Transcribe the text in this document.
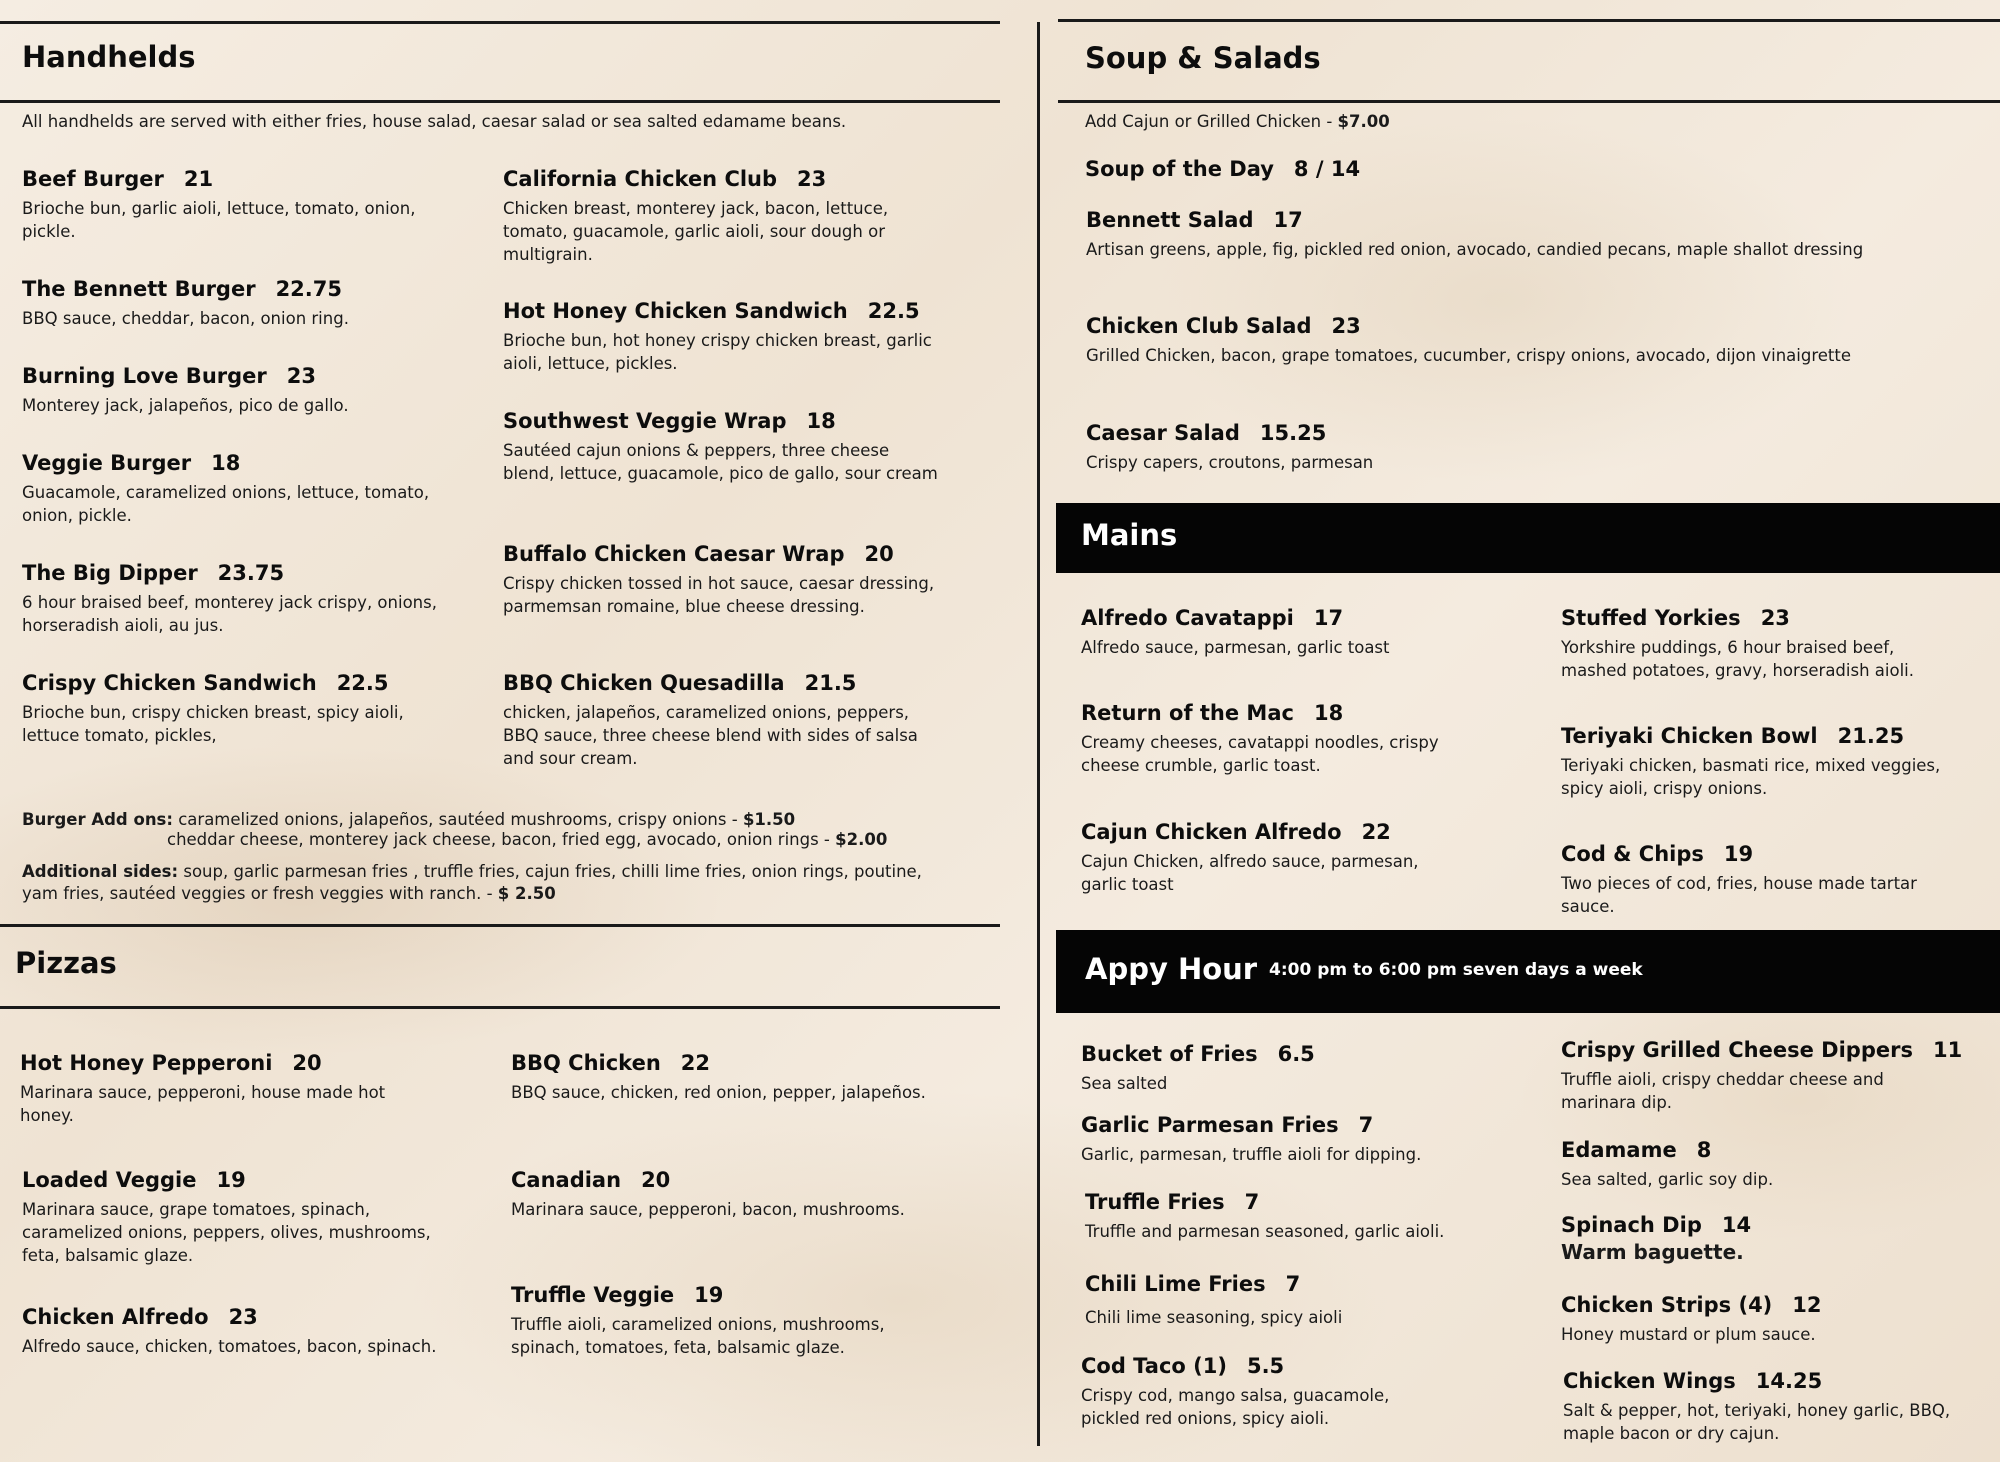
Handhelds
All handhelds are served with either fries, house salad, caesar salad or sea salted edamame beans.
Beef Burger 21
Brioche bun, garlic aioli, lettuce, tomato, onion, pickle.
The Bennett Burger 22.75
BBQ sauce, cheddar, bacon, onion ring.
Burning Love Burger 23
Monterey jack, jalapeños, pico de gallo.
Veggie Burger 18
Guacamole, caramelized onions, lettuce, tomato, onion, pickle.
The Big Dipper 23.75
6 hour braised beef, monterey jack crispy, onions, horseradish aioli, au jus.
Crispy Chicken Sandwich 22.5
Brioche bun, crispy chicken breast, spicy aioli, lettuce tomato, pickles,
California Chicken Club 23
Chicken breast, monterey jack, bacon, lettuce, tomato, guacamole, garlic aioli, sour dough or multigrain.
Hot Honey Chicken Sandwich 22.5
Brioche bun, hot honey crispy chicken breast, garlic aioli, lettuce, pickles.
Southwest Veggie Wrap 18
Sautéed cajun onions & peppers, three cheese blend, lettuce, guacamole, pico de gallo, sour cream
Buffalo Chicken Caesar Wrap 20
Crispy chicken tossed in hot sauce, caesar dressing, parmemsan romaine, blue cheese dressing.
BBQ Chicken Quesadilla 21.5
chicken, jalapeños, caramelized onions, peppers, BBQ sauce, three cheese blend with sides of salsa and sour cream.
Burger Add ons: caramelized onions, jalapeños, sautéed mushrooms, crispy onions - $1.50
cheddar cheese, monterey jack cheese, bacon, fried egg, avocado, onion rings - $2.00
Additional sides: soup, garlic parmesan fries , truffle fries, cajun fries, chilli lime fries, onion rings, poutine,
yam fries, sautéed veggies or fresh veggies with ranch. - $ 2.50
Pizzas
Hot Honey Pepperoni 20
Marinara sauce, pepperoni, house made hot honey.
Loaded Veggie 19
Marinara sauce, grape tomatoes, spinach, caramelized onions, peppers, olives, mushrooms, feta, balsamic glaze.
Chicken Alfredo 23
Alfredo sauce, chicken, tomatoes, bacon, spinach.
BBQ Chicken 22
BBQ sauce, chicken, red onion, pepper, jalapeños.
Canadian 20
Marinara sauce, pepperoni, bacon, mushrooms.
Truffle Veggie 19
Truffle aioli, caramelized onions, mushrooms, spinach, tomatoes, feta, balsamic glaze.
Soup & Salads
Add Cajun or Grilled Chicken - $7.00
Soup of the Day 8 / 14
Bennett Salad 17
Artisan greens, apple, fig, pickled red onion, avocado, candied pecans, maple shallot dressing
Chicken Club Salad 23
Grilled Chicken, bacon, grape tomatoes, cucumber, crispy onions, avocado, dijon vinaigrette
Caesar Salad 15.25
Crispy capers, croutons, parmesan
Mains
Alfredo Cavatappi 17
Alfredo sauce, parmesan, garlic toast
Return of the Mac 18
Creamy cheeses, cavatappi noodles, crispy cheese crumble, garlic toast.
Cajun Chicken Alfredo 22
Cajun Chicken, alfredo sauce, parmesan, garlic toast
Stuffed Yorkies 23
Yorkshire puddings, 6 hour braised beef, mashed potatoes, gravy, horseradish aioli.
Teriyaki Chicken Bowl 21.25
Teriyaki chicken, basmati rice, mixed veggies, spicy aioli, crispy onions.
Cod & Chips 19
Two pieces of cod, fries, house made tartar sauce.
Appy Hour 4:00 pm to 6:00 pm seven days a week
Bucket of Fries 6.5
Sea salted
Garlic Parmesan Fries 7
Garlic, parmesan, truffle aioli for dipping.
Truffle Fries 7
Truffle and parmesan seasoned, garlic aioli.
Chili Lime Fries 7
Chili lime seasoning, spicy aioli
Cod Taco (1) 5.5
Crispy cod, mango salsa, guacamole, pickled red onions, spicy aioli.
Crispy Grilled Cheese Dippers 11
Truffle aioli, crispy cheddar cheese and marinara dip.
Edamame 8
Sea salted, garlic soy dip.
Spinach Dip 14
Warm baguette.
Chicken Strips (4) 12
Honey mustard or plum sauce.
Chicken Wings 14.25
Salt & pepper, hot, teriyaki, honey garlic, BBQ, maple bacon or dry cajun.
